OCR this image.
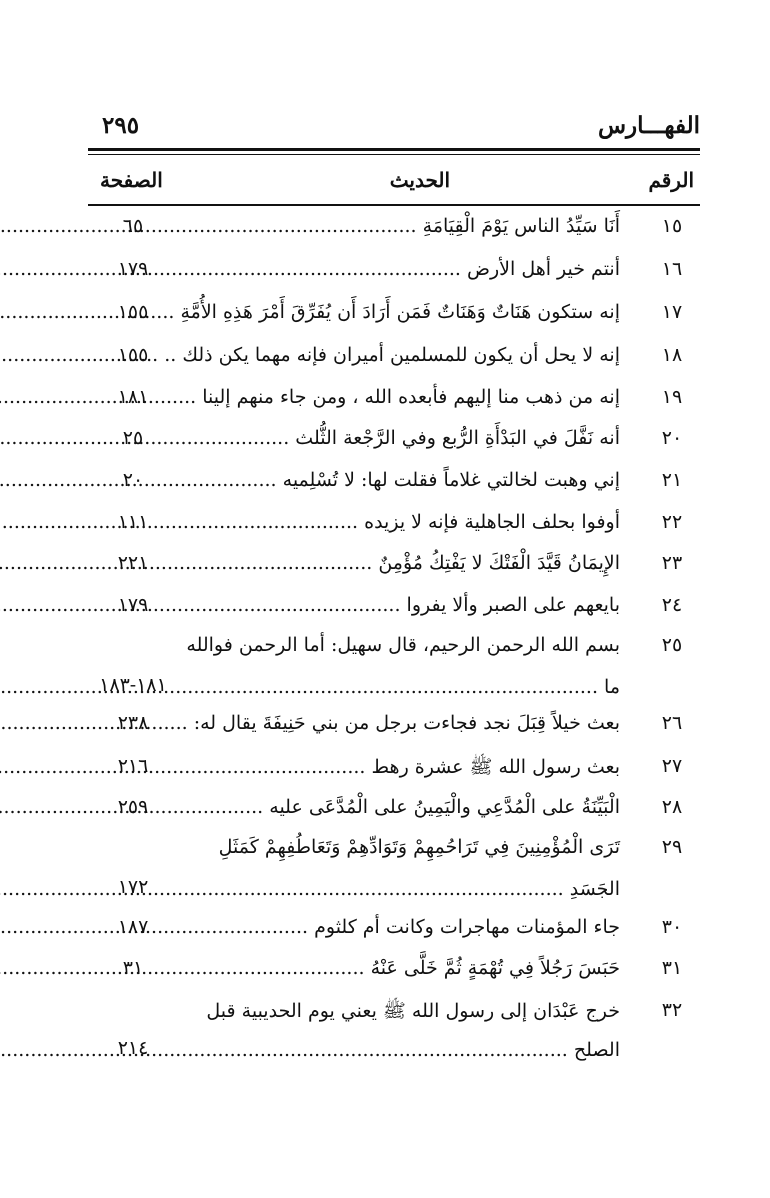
الفهـــارس
٢٩٥
الرقم
الحديث
الصفحة
١٥
أَنَا سَيِّدُ الناس يَوْمَ الْقِيَامَةِ .....
٦٥
١٦
أنتم خير أهل الأرض .....
١٧٩
١٧
إنه ستكون هَنَاتٌ وَهَنَاتٌ فَمَن أَرَادَ أَن يُفَرِّقَ أَمْرَ هَذِهِ الأُمَّةِ .....
١٥٥
١٨
إنه لا يحل أن يكون للمسلمين أميران فإنه مهما يكن ذلك .. .....
١٥٥
١٩
إنه من ذهب منا إليهم فأبعده الله ، ومن جاء منهم إلينا .....
١٨١
٢٠
أنه نَفَّلَ في البَدْأَةِ الرُّبع وفي الرَّجْعة الثُّلث .....
٢٥
٢١
إني وهبت لخالتي غلاماً فقلت لها: لا تُسْلِميه .....
٢٠
٢٢
أوفوا بحلف الجاهلية فإنه لا يزيده .....
١١١
٢٣
الإِيمَانُ قَيَّدَ الْفَتْكَ لا يَفْتِكُ مُؤْمِنٌ .....
٢٢١
٢٤
بايعهم على الصبر وألا يفروا .....
١٧٩
٢٥
بسم الله الرحمن الرحيم، قال سهيل: أما الرحمن فوالله
ما .....
١٨١-١٨٣
٢٦
بعث خيلاً قِبَلَ نجد فجاءت برجل من بني حَنِيفَةَ يقال له: .....
٢٣٨
٢٧
بعث رسول الله ﷺ عشرة رهط .....
٢١٦
٢٨
الْبَيِّنَةُ على الْمُدَّعِي والْيَمِينُ على الْمُدَّعَى عليه .....
٢٥٩
٢٩
تَرَى الْمُؤْمِنِينَ فِي تَرَاحُمِهِمْ وَتَوَادِّهِمْ وَتَعَاطُفِهِمْ كَمَثَلِ
الجَسَدِ .....
١٧٢
٣٠
جاء المؤمنات مهاجرات وكانت أم كلثوم .....
١٨٧
٣١
حَبَسَ رَجُلاً فِي تُهْمَةٍ ثُمَّ خَلَّى عَنْهُ .....
٣١
٣٢
خرج عَبْدَان إلى رسول الله ﷺ يعني يوم الحديبية قبل
الصلح .....
٢١٤
